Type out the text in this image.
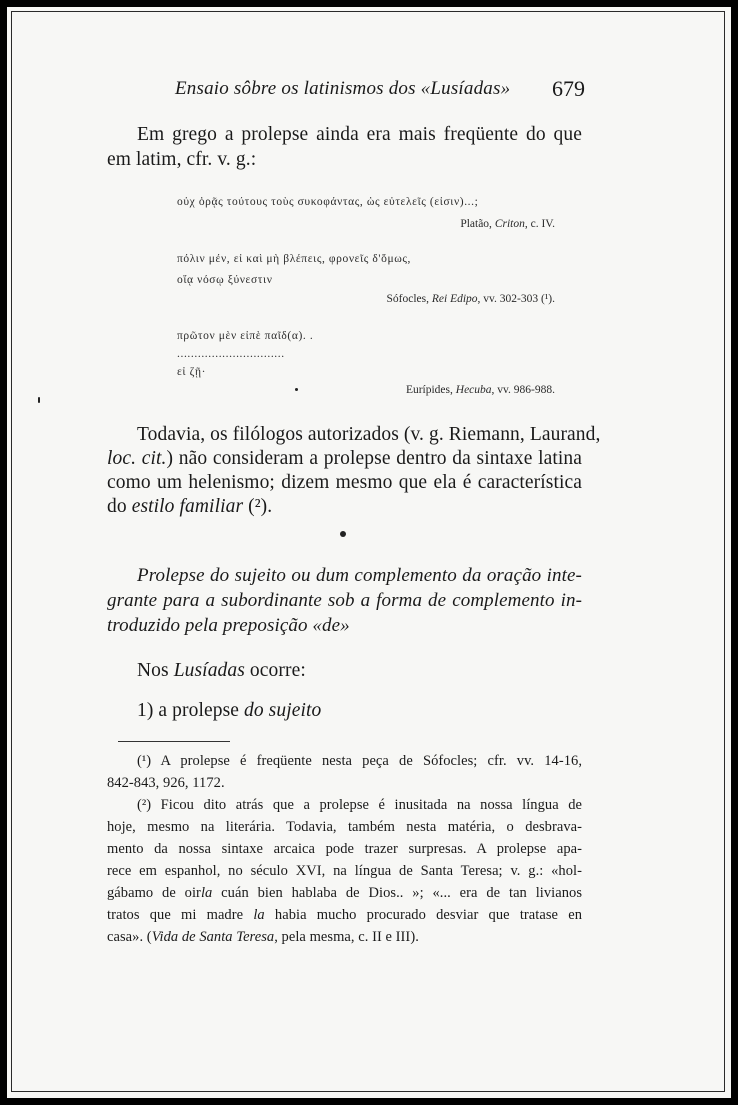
Ensaio sôbre os latinismos dos «Lusíadas» 679
Em grego a prolepse ainda era mais freqüente do que
em latim, cfr. v. g.:
οὐχ ὁρᾷς τούτους τοὺς συκοφάντας, ὡς εὐτελεῖς (εἰσιν)...;
Platão, Criton, c. IV.
πόλιν μέν, εἰ καὶ μὴ βλέπεις, φρονεῖς δ'ὅμως,
οἵᾳ νόσῳ ξύνεστιν
Sófocles, Rei Edipo, vv. 302-303 (¹).
πρῶτον μὲν εἰπὲ παῖδ(α). .
...............................
εἰ ζῇ·
Eurípides, Hecuba, vv. 986-988.
Todavia, os filólogos autorizados (v. g. Riemann, Laurand,
loc. cit.) não consideram a prolepse dentro da sintaxe latina
como um helenismo; dizem mesmo que ela é característica
do estilo familiar (²).
Prolepse do sujeito ou dum complemento da oração inte-
grante para a subordinante sob a forma de complemento in-
troduzido pela preposição «de»
Nos Lusíadas ocorre:
1) a prolepse do sujeito
(¹) A prolepse é freqüente nesta peça de Sófocles; cfr. vv. 14-16,
842-843, 926, 1172.
(²) Ficou dito atrás que a prolepse é inusitada na nossa língua de
hoje, mesmo na literária. Todavia, também nesta matéria, o desbrava-
mento da nossa sintaxe arcaica pode trazer surpresas. A prolepse apa-
rece em espanhol, no século XVI, na língua de Santa Teresa; v. g.: «hol-
gábamo de oirla cuán bien hablaba de Dios.. »; «... era de tan livianos
tratos que mi madre la habia mucho procurado desviar que tratase en
casa». (Vida de Santa Teresa, pela mesma, c. II e III).
